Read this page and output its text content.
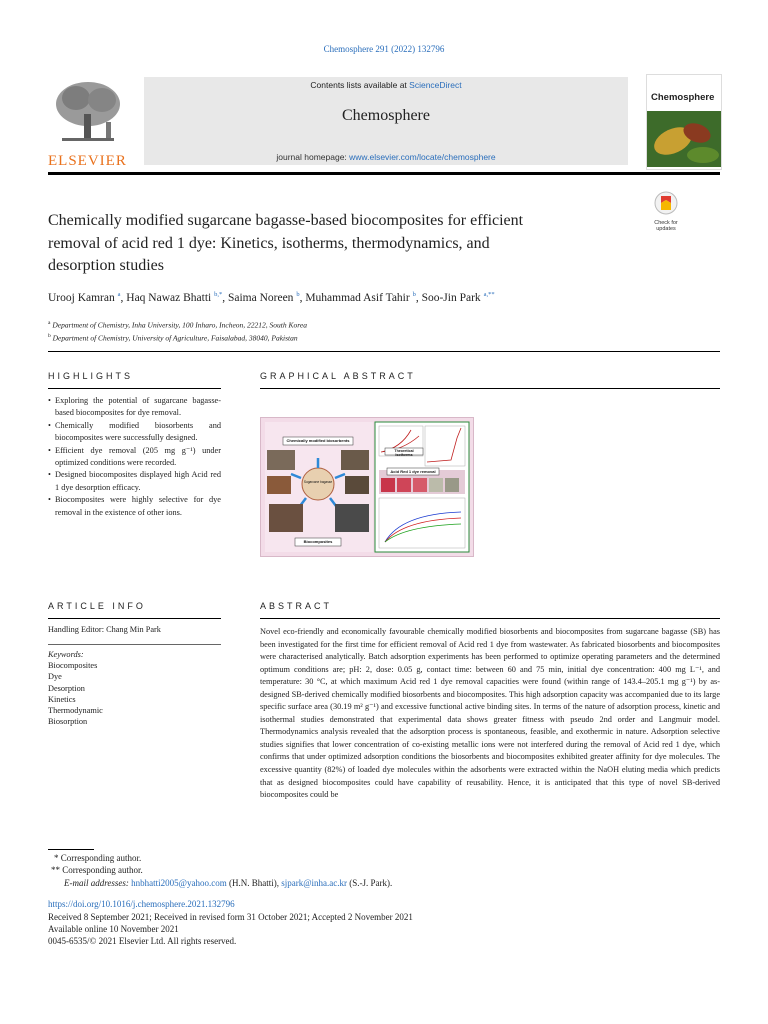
Chemosphere 291 (2022) 132796
ELSEVIER
Contents lists available at ScienceDirect
Chemosphere
journal homepage: www.elsevier.com/locate/chemosphere
Chemosphere
Chemically modified sugarcane bagasse-based biocomposites for efficient
removal of acid red 1 dye: Kinetics, isotherms, thermodynamics, and
desorption studies
Check for updates
Urooj Kamran $^a$, Haq Nawaz Bhatti $^{b,*}$, Saima Noreen $^b$, Muhammad Asif Tahir $^b$, Soo-Jin Park $^{a,**}$
$^a$ Department of Chemistry, Inha University, 100 Inharo, Incheon, 22212, South Korea
$^b$ Department of Chemistry, University of Agriculture, Faisalabad, 38040, Pakistan
HIGHLIGHTS
• Exploring the potential of sugarcane bagasse-based biocomposites for dye removal.
• Chemically modified biosorbents and biocomposites were successfully designed.
• Efficient dye removal (205 mg g⁻¹) under optimized conditions were recorded.
• Designed biocomposites displayed high Acid red 1 dye desorption efficacy.
• Biocomposites were highly selective for dye removal in the existence of other ions.
GRAPHICAL ABSTRACT
Chemically modified biosorbents
Sugarcane bagasse
Biocomposites
Theoretical Isotherms
Acid Red 1 dye removal
ARTICLE INFO
Handling Editor: Chang Min Park
Keywords:
Biocomposites
Dye
Desorption
Kinetics
Thermodynamic
Biosorption
ABSTRACT
Novel eco-friendly and economically favourable chemically modified biosorbents and biocomposites from sugarcane bagasse (SB) has been investigated for the first time for efficient removal of Acid red 1 dye from wastewater. As fabricated biosorbents and biocomposites were characterised analytically. Batch adsorption experiments has been performed to optimize operating parameters and the determined optimum conditions are; pH: 2, dose: 0.05 g, contact time: between 60 and 75 min, initial dye concentration: 400 mg L⁻¹, and temperature: 30 °C, at which maximum Acid red 1 dye removal capacities were found (within range of 143.4–205.1 mg g⁻¹) by as-designed SB-derived chemically modified biosorbents and biocomposites. This high adsorption capacity was accompanied due to its large specific surface area (30.19 m² g⁻¹) and excessive functional active binding sites. In terms of the nature of adsorption process, kinetic and isothermal studies demonstrated that experimental data shows greater fitness with pseudo 2nd order and Langmuir model. Thermodynamics analysis revealed that the adsorption process is spontaneous, feasible, and exothermic in nature. Adsorption selective studies signifies that lower concentration of co-existing metallic ions were not interfered during the removal of Acid red 1 dye, which confirms that under optimized adsorption conditions the biosorbents and biocomposites exhibited greater affinity for dye molecules. The excessive quantity (82%) of loaded dye molecules within the adsorbents were extracted within the NaOH eluting media which predicts that as designed biocomposites could have capability of reusability. Hence, it is anticipated that this type of novel SB-derived biocomposites could be
* Corresponding author.
** Corresponding author.
E-mail addresses: hnbhatti2005@yahoo.com (H.N. Bhatti), sjpark@inha.ac.kr (S.-J. Park).
https://doi.org/10.1016/j.chemosphere.2021.132796
Received 8 September 2021; Received in revised form 31 October 2021; Accepted 2 November 2021
Available online 10 November 2021
0045-6535/© 2021 Elsevier Ltd. All rights reserved.
